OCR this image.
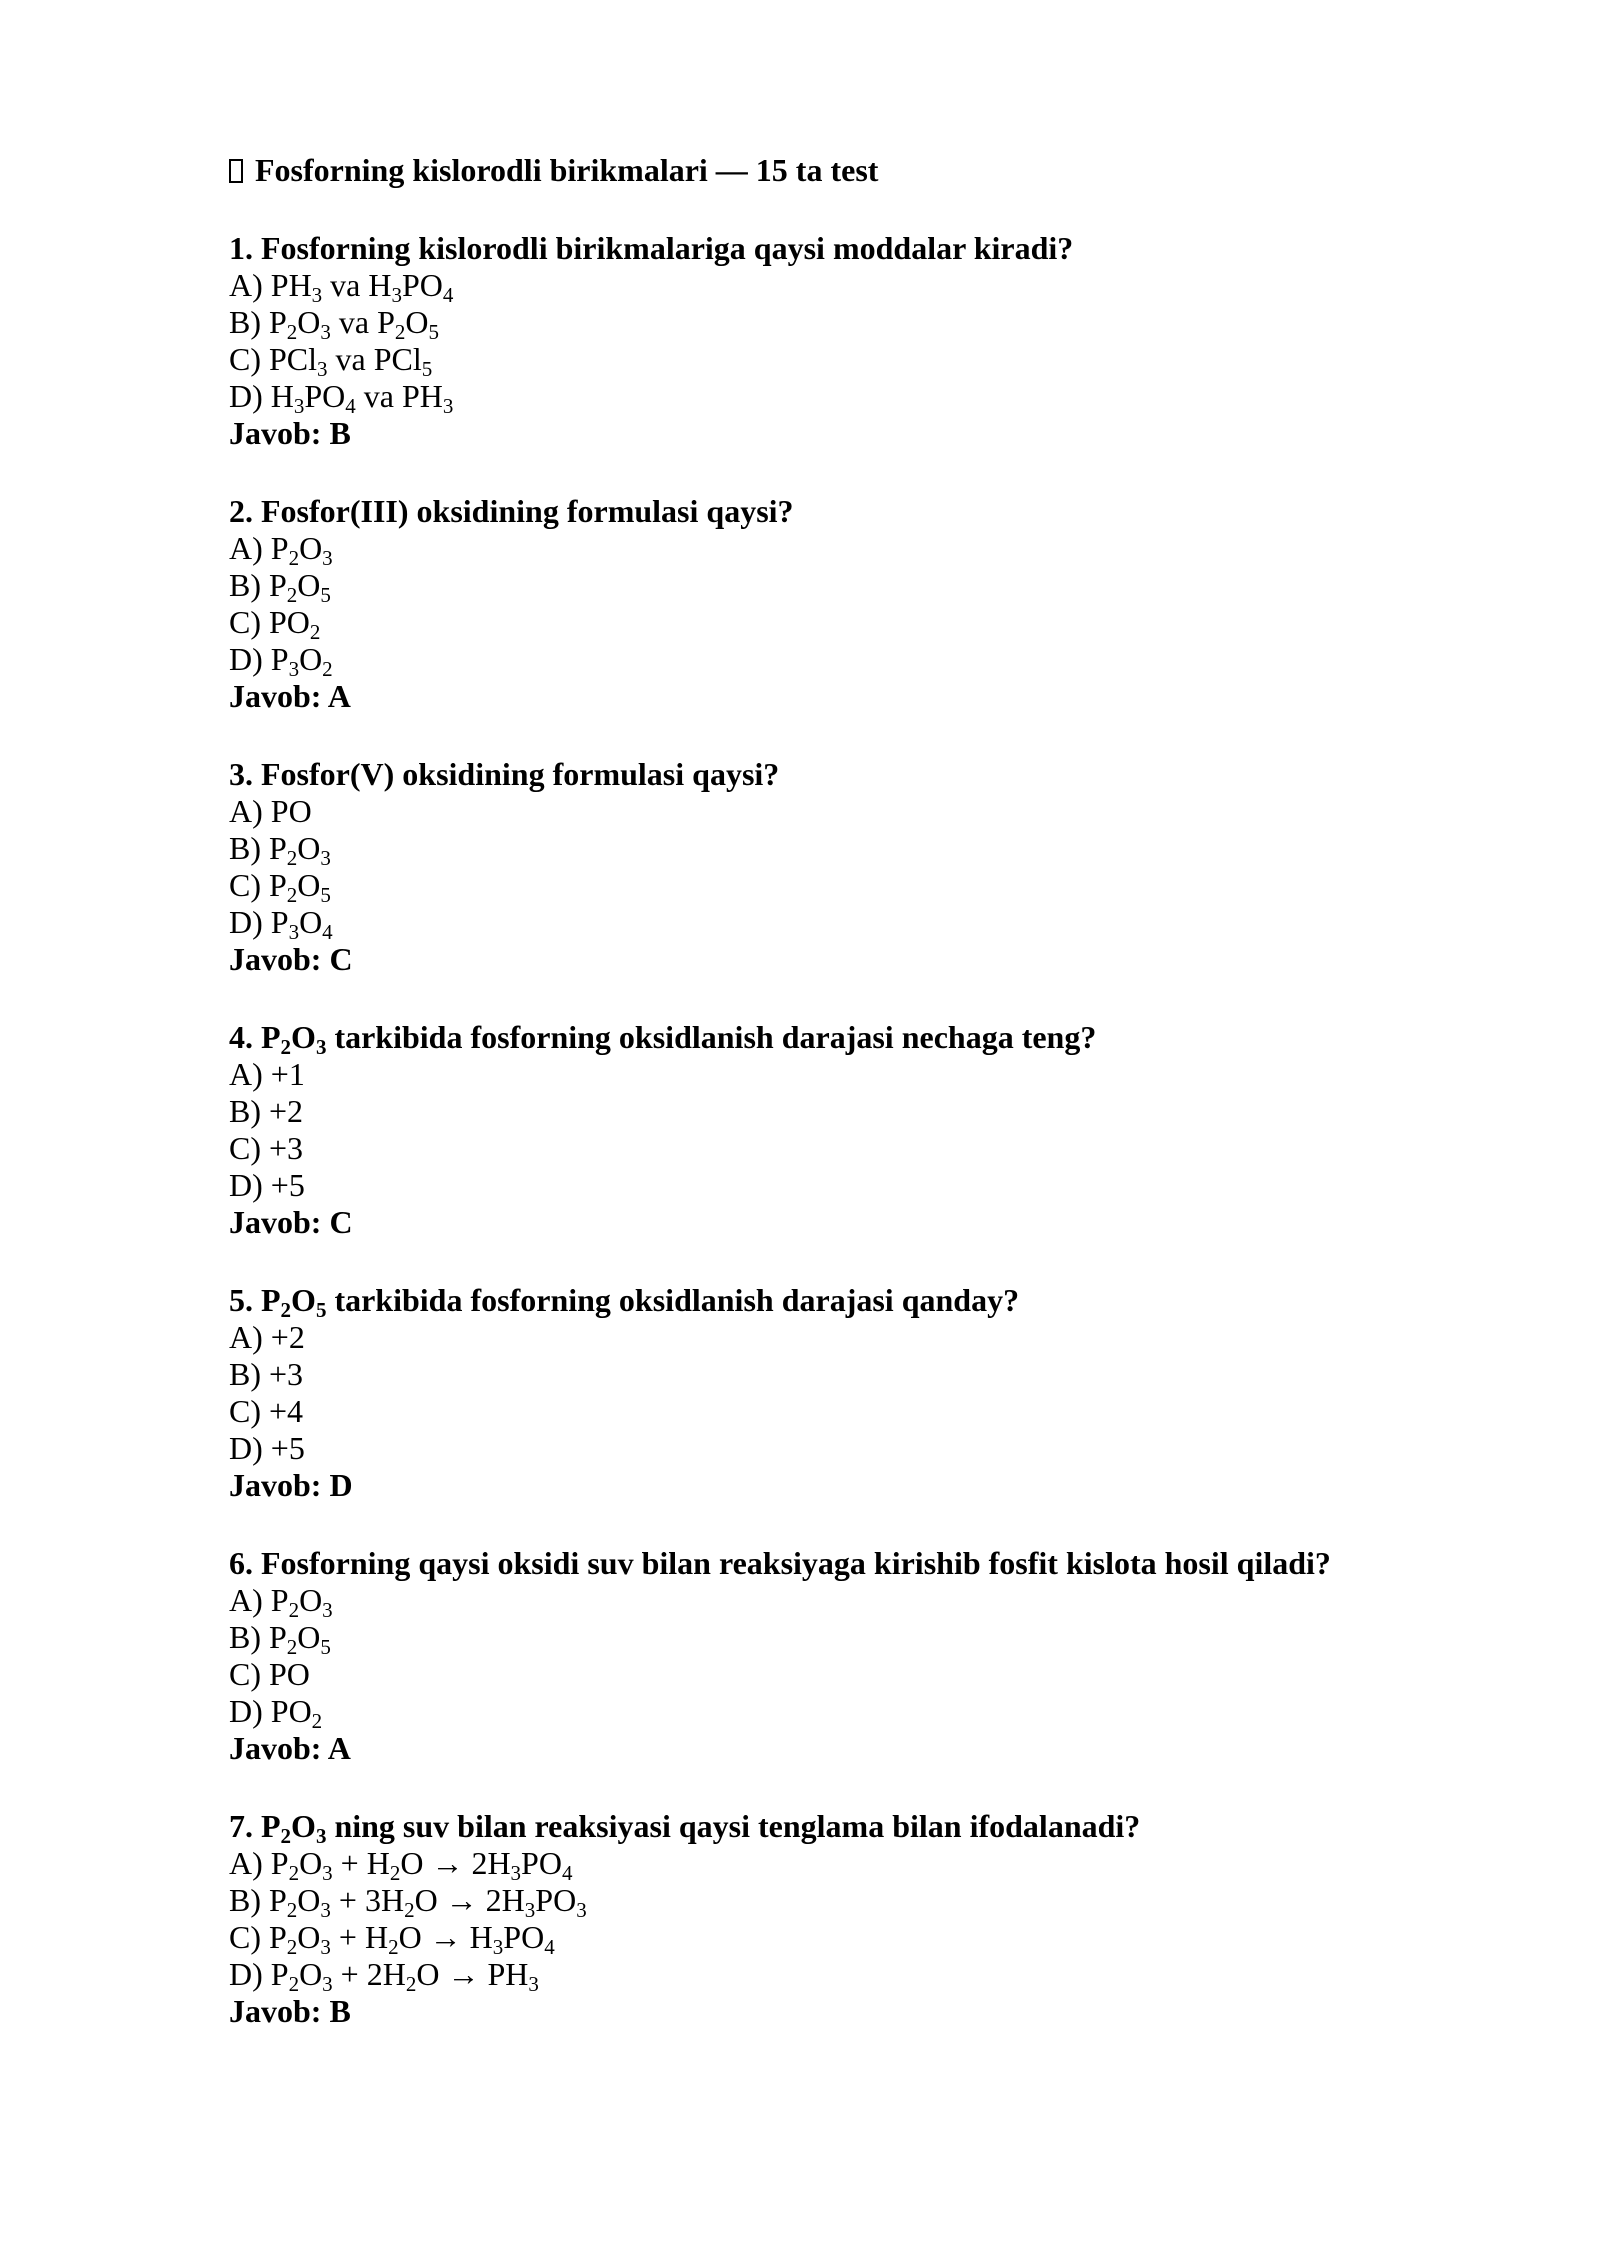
Fosforning kislorodli birikmalari — 15 ta test
1. Fosforning kislorodli birikmalariga qaysi moddalar kiradi?
A) $PH_3$ va $H_3PO_4$
B) $P_2O_3$ va $P_2O_5$
C) PCl$_3$ va PCl$_5$
D) $H_3PO_4$ va $PH_3$
Javob: B
2. Fosfor(III) oksidining formulasi qaysi?
A) $P_2O_3$
B) $P_2O_5$
C) $PO_2$
D) $P_3O_2$
Javob: A
3. Fosfor(V) oksidining formulasi qaysi?
A) PO
B) $P_2O_3$
C) $P_2O_5$
D) $P_3O_4$
Javob: C
4. $P_2O_3$ tarkibida fosforning oksidlanish darajasi nechaga teng?
A) +1
B) +2
C) +3
D) +5
Javob: C
5. $P_2O_5$ tarkibida fosforning oksidlanish darajasi qanday?
A) +2
B) +3
C) +4
D) +5
Javob: D
6. Fosforning qaysi oksidi suv bilan reaksiyaga kirishib fosfit kislota hosil qiladi?
A) $P_2O_3$
B) $P_2O_5$
C) PO
D) $PO_2$
Javob: A
7. $P_2O_3$ ning suv bilan reaksiyasi qaysi tenglama bilan ifodalanadi?
A) $P_2O_3 + H_2O \to 2H_3PO_4$
B) $P_2O_3 + 3H_2O \to 2H_3PO_3$
C) $P_2O_3 + H_2O \to H_3PO_4$
D) $P_2O_3 + 2H_2O \to PH_3$
Javob: B
